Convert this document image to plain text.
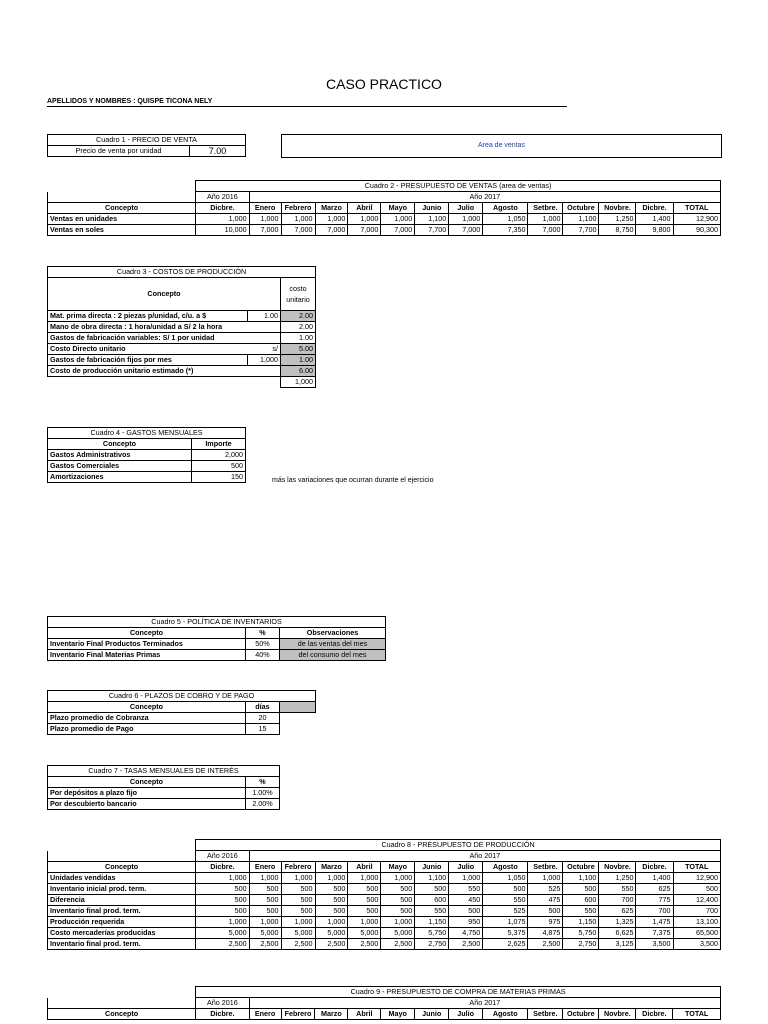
CASO PRACTICO
APELLIDOS Y NOMBRES : QUISPE TICONA NELY
Cuadro 1 - PRECIO DE VENTA
Precio de venta por unidad	7.00
Area de ventas
	Cuadro 2 - PRESUPUESTO DE VENTAS (area de ventas)													
	Año 2016	Año 2017												
Concepto	Dicbre.	Enero	Febrero	Marzo	Abril	Mayo	Junio	Julio	Agosto	Setbre.	Octubre	Novbre.	Dicbre.	TOTAL
Ventas en unidades	1,000	1,000	1,000	1,000	1,000	1,000	1,100	1,000	1,050	1,000	1,100	1,250	1,400	12,900
Ventas en soles	10,000	7,000	7,000	7,000	7,000	7,000	7,700	7,000	7,350	7,000	7,700	8,750	9,800	90,300
Cuadro 3 - COSTOS DE PRODUCCIÓN		
Concepto		costo
unitario
Mat. prima directa : 2 piezas p/unidad, c/u. a $	1.00	2.00
Mano de obra directa : 1 hora/unidad a S/ 2 la hora		2.00
Gastos de fabricación variables: S/ 1 por unidad		1.00
Costo Directo unitario	s/	5.00
Gastos de fabricación fijos por mes	1,000	1.00
Costo de producción unitario estimado (*)		6.00
		1,000
Cuadro 4 - GASTOS MENSUALES	
Concepto	Importe
Gastos Administrativos	2,000
Gastos Comerciales	500
Amortizaciones	150	más las variaciones que ocurran durante el ejercicio
Cuadro 5 - POLÍTICA DE INVENTARIOS		
Concepto	%	Observaciones
Inventario Final Productos Terminados	50%	de las ventas del mes
Inventario Final Materias Primas	40%	del consumo del mes
Cuadro 6 - PLAZOS DE COBRO Y DE PAGO		
Concepto	días	
Plazo promedio de Cobranza	20	
Plazo promedio de Pago	15	
Cuadro 7 - TASAS MENSUALES DE INTERÉS	
Concepto	%
Por depósitos a plazo fijo	1.00%
Por descubierto bancario	2.00%
	Cuadro 8 - PRESUPUESTO DE PRODUCCIÓN													
	Año 2016	Año 2017												
Concepto	Dicbre.	Enero	Febrero	Marzo	Abril	Mayo	Junio	Julio	Agosto	Setbre.	Octubre	Novbre.	Dicbre.	TOTAL
Unidades vendidas	1,000	1,000	1,000	1,000	1,000	1,000	1,100	1,000	1,050	1,000	1,100	1,250	1,400	12,900
Inventario inicial prod. term.	500	500	500	500	500	500	500	550	500	525	500	550	625	500
Diferencia	500	500	500	500	500	500	600	450	550	475	600	700	775	12,400
Inventario final prod. term.	500	500	500	500	500	500	550	500	525	500	550	625	700	700
Producción requerida	1,000	1,000	1,000	1,000	1,000	1,000	1,150	950	1,075	975	1,150	1,325	1,475	13,100
Costo mercaderías producidas	5,000	5,000	5,000	5,000	5,000	5,000	5,750	4,750	5,375	4,875	5,750	6,625	7,375	65,500
Inventario final prod. term.	2,500	2,500	2,500	2,500	2,500	2,500	2,750	2,500	2,625	2,500	2,750	3,125	3,500	3,500
	Cuadro 9 - PRESUPUESTO DE COMPRA DE MATERIAS PRIMAS													
	Año 2016	Año 2017												
Concepto	Dicbre.	Enero	Febrero	Marzo	Abril	Mayo	Junio	Julio	Agosto	Setbre.	Octubre	Novbre.	Dicbre.	TOTAL
